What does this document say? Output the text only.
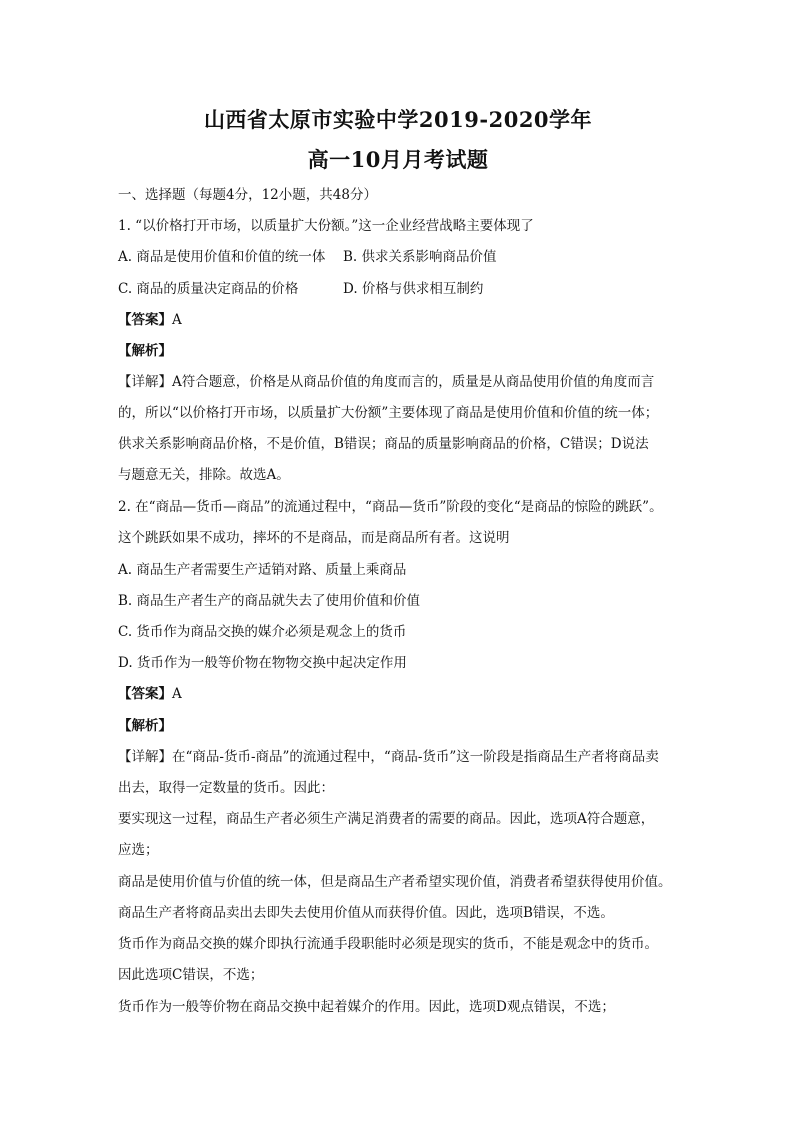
山西省太原市实验中学2019-2020学年
高一10月月考试题
一、选择题（每题4分，12小题，共48分）
1. “以价格打开市场，以质量扩大份额。”这一企业经营战略主要体现了
A. 商品是使用价值和价值的统一体 B. 供求关系影响商品价值
C. 商品的质量决定商品的价格	D. 价格与供求相互制约
【答案】A
【解析】
【详解】A符合题意，价格是从商品价值的角度而言的，质量是从商品使用价值的角度而言
的，所以“以价格打开市场，以质量扩大份额”主要体现了商品是使用价值和价值的统一体；
供求关系影响商品价格，不是价值，B错误；商品的质量影响商品的价格，C错误；D说法
与题意无关，排除。故选A。
2. 在“商品—货币—商品”的流通过程中，“商品—货币”阶段的变化“是商品的惊险的跳跃”。
这个跳跃如果不成功，摔坏的不是商品，而是商品所有者。这说明
A. 商品生产者需要生产适销对路、质量上乘商品
B. 商品生产者生产的商品就失去了使用价值和价值
C. 货币作为商品交换的媒介必须是观念上的货币
D. 货币作为一般等价物在物物交换中起决定作用
【答案】A
【解析】
【详解】在“商品-货币-商品”的流通过程中，“商品-货币”这一阶段是指商品生产者将商品卖
出去，取得一定数量的货币。因此：
要实现这一过程，商品生产者必须生产满足消费者的需要的商品。因此，选项A符合题意，
应选；
商品是使用价值与价值的统一体，但是商品生产者希望实现价值，消费者希望获得使用价值。
商品生产者将商品卖出去即失去使用价值从而获得价值。因此，选项B错误，不选。
货币作为商品交换的媒介即执行流通手段职能时必须是现实的货币，不能是观念中的货币。
因此选项C错误，不选；
货币作为一般等价物在商品交换中起着媒介的作用。因此，选项D观点错误，不选；
